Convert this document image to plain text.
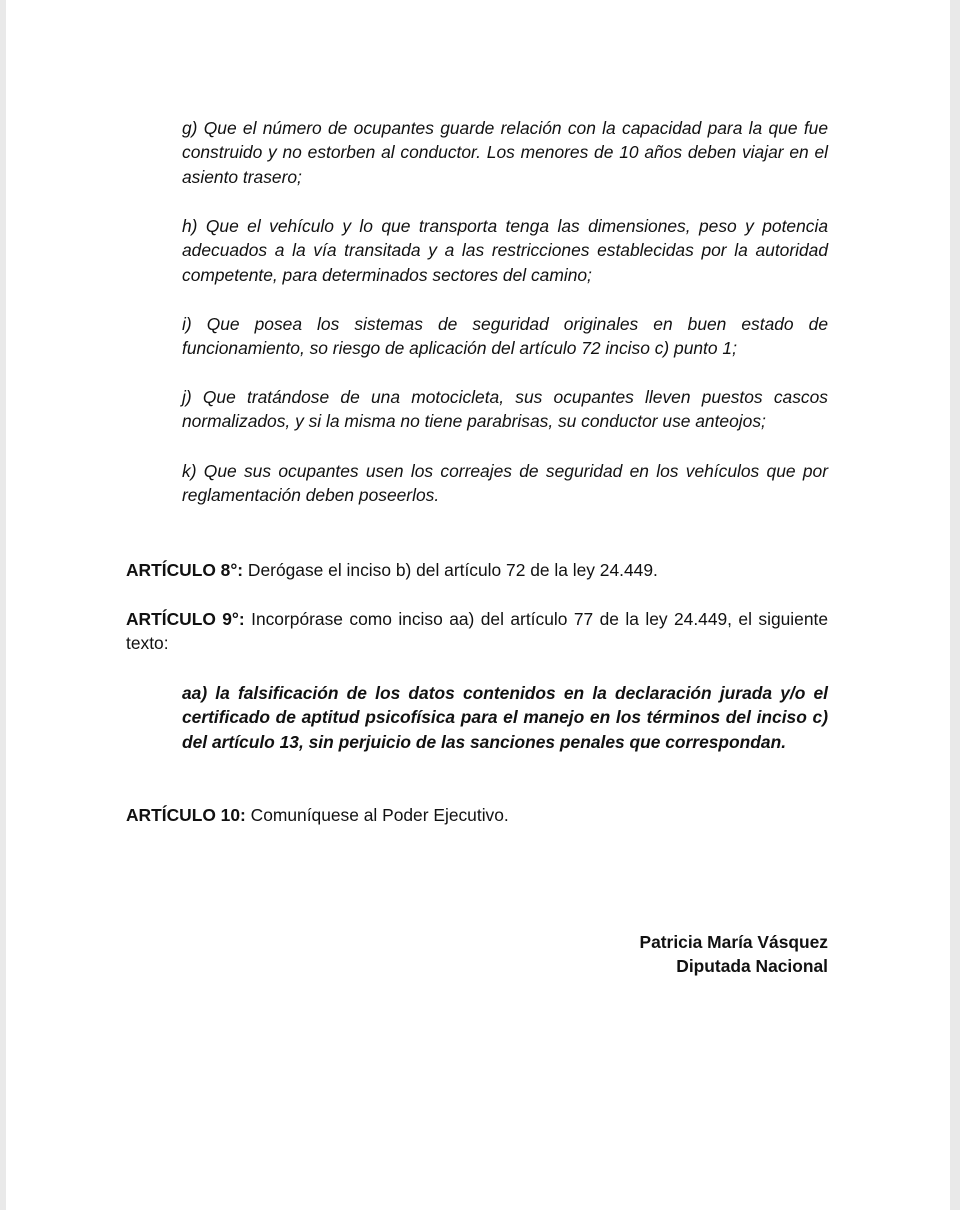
g) Que el número de ocupantes guarde relación con la capacidad para la que fue construido y no estorben al conductor. Los menores de 10 años deben viajar en el asiento trasero;

h) Que el vehículo y lo que transporta tenga las dimensiones, peso y potencia adecuados a la vía transitada y a las restricciones establecidas por la autoridad competente, para determinados sectores del camino;

i) Que posea los sistemas de seguridad originales en buen estado de funcionamiento, so riesgo de aplicación del artículo 72 inciso c) punto 1;

j) Que tratándose de una motocicleta, sus ocupantes lleven puestos cascos normalizados, y si la misma no tiene parabrisas, su conductor use anteojos;

k) Que sus ocupantes usen los correajes de seguridad en los vehículos que por reglamentación deben poseerlos.

ARTÍCULO 8°: Derógase el inciso b) del artículo 72 de la ley 24.449.

ARTÍCULO 9°: Incorpórase como inciso aa) del artículo 77 de la ley 24.449, el siguiente texto:

aa) la falsificación de los datos contenidos en la declaración jurada y/o el certificado de aptitud psicofísica para el manejo en los términos del inciso c) del artículo 13, sin perjuicio de las sanciones penales que correspondan.

ARTÍCULO 10: Comuníquese al Poder Ejecutivo.

Patricia María Vásquez

Diputada Nacional
